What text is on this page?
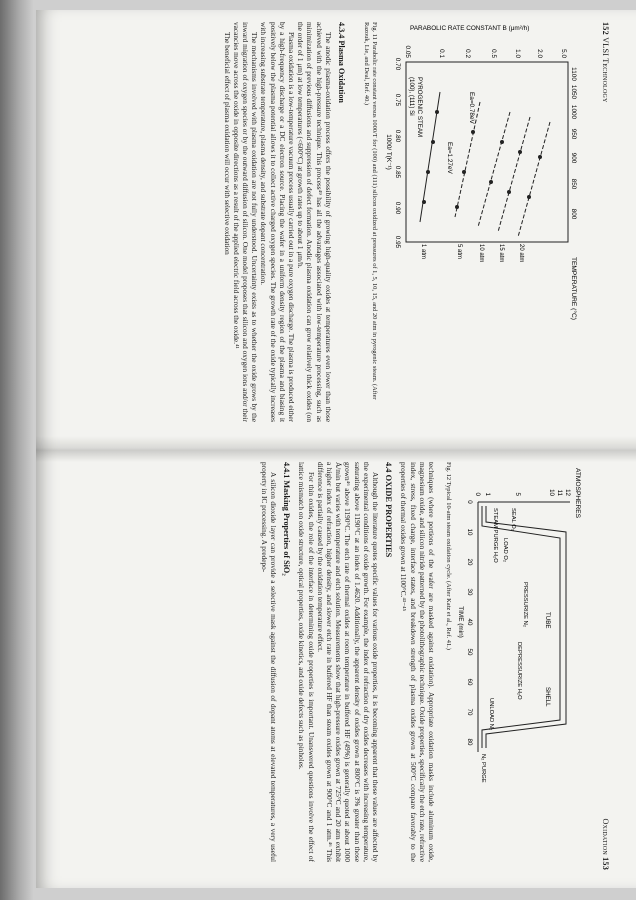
152 VLSI Technology
1100
1050
1000
950
900
850
800
TEMPERATURE (°C)
5.0
2.0
1.0
0.5
0.2
0.1
0.05
PARABOLIC RATE CONSTANT B (μm²/h)
0.70
0.75
0.80
0.85
0.90
0.95
1000/ T(K⁻¹)
Ea=0.78eV
Ea=1.27eV
PYROGENIC STEAM
(100), (111) Si
20 atm
15 atm
10 atm
5 atm
1 atm
Fig. 11 Parabolic rate constant versus 1000/T for (100) and (111) silicon oxidized at pressures of 1, 5, 10, 15, and 20 atm in pyrogenic steam. (After Razouk, Lie, and Deal, Ref. 40.)
4.3.4 Plasma Oxidation

The anodic plasma-oxidation process offers the possibility of growing high-quality oxides at temperatures even lower than those achieved with the high-pressure technique. This process⁴⁹ has all the advantages associated with low-temperature processing, such as minimization of previous diffusions and suppression of defect formation. Anodic plasma oxidation can grow relatively thick oxides (on the order of 1 μm) at low temperatures (<600°C) at growth rates up to about 1 μm/h.

Plasma oxidation is a low-temperature vacuum process usually carried out in a pure oxygen discharge. The plasma is produced either by a high-frequency discharge or a DC electron source. Placing the wafer in a uniform density region of the plasma and biasing it positively below the plasma potential allows it to collect active charged oxygen species. The growth rate of the oxide typically increases with increasing substrate temperature, plasma density, and substrate dopant concentration.

The mechanisms involved with plasma oxidation are not fully understood. Uncertainty exists as to whether the oxide grows by the inward migration of oxygen species or by the outward diffusion of silicon. One model proposes that silicon and oxygen ions and/or their vacancies move across the oxide in opposite directions as a result of the applied electric field across the oxide.⁴¹

The beneficial effect of plasma oxidation will occur with selective oxidation

Oxidation 153
ATMOSPHERES
12
11
10
5
1
0
0
10
20
30
40
50
60
70
80
TIME (min)
SHELL
TUBE
SEAL O₂
LOAD O₂
STEAM PURGE H₂O
PRESSURIZE N₂
DEPRESSURIZE H₂O
N₂ PURGE
UNLOAD N₂
Fig. 12 Typical 10-atm steam oxidation cycle. (After Katz et al., Ref. 41.)

techniques (where portions of the wafer are masked against oxidation). Appropriate oxidation masks include aluminum oxide, magnesium oxide, and silicon nitride patterned by the photolithographic technique. Oxide properties, specifically the etch rate, refractive index, stress, fixed charge, interface states, and breakdown strength of plasma oxides grown at 500°C compare favorably to the properties of thermal oxides grown at 1100°C.⁴³⁻⁴⁵

4.4 OXIDE PROPERTIES

Although the literature quotes specific values for various oxide properties, it is becoming apparent that these values are affected by the experimental conditions of oxide growth. For example, the index of refraction of dry oxides decreases with increasing temperature, saturating above 1190°C at an index of 1.4620. Additionally, the apparent density of oxides grown at 800°C is 3% greater than those grown⁴⁶ above 1190°C. The etch rate of thermal oxides at room temperature in buffered HF (49%) is generally quoted at about 1000 Å/min but varies with temperature and etch solution. Measurements show that high-pressure oxides grown at 725°C and 20 atm exhibit a higher index of refraction, higher density, and slower etch rate in buffered HF than steam oxides grown at 900°C and 1 atm.⁴⁶ This difference is partially caused by the oxidation temperature effect.

For thin oxides, the role of the interface in determining oxide properties is important. Unanswered questions involve the effect of lattice mismatch on oxide structure, optical properties, oxide kinetics, and oxide defects such as pinholes.

4.4.1 Masking Properties of SiO₂

A silicon dioxide layer can provide a selective mask against the diffusion of dopant atoms at elevated temperatures, a very useful property in IC processing. A predepo-
